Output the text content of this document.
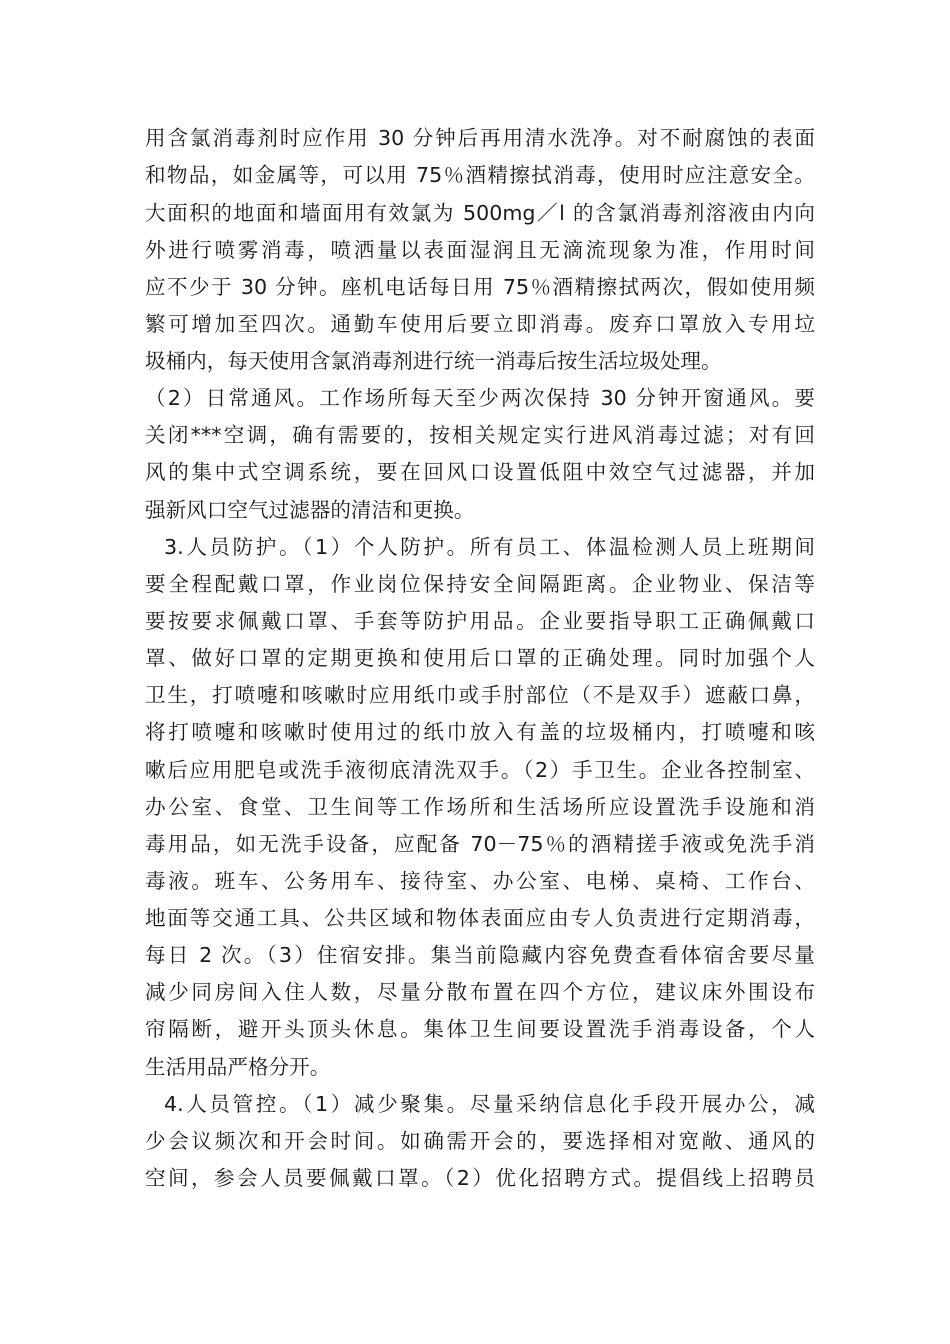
用含氯消毒剂时应作用 30 分钟后再用清水洗净。对不耐腐蚀的表面
和物品，如金属等，可以用 75％酒精擦拭消毒，使用时应注意安全。
大面积的地面和墙面用有效氯为 500mg／l 的含氯消毒剂溶液由内向
外进行喷雾消毒，喷洒量以表面湿润且无滴流现象为准，作用时间
应不少于 30 分钟。座机电话每日用 75％酒精擦拭两次，假如使用频
繁可增加至四次。通勤车使用后要立即消毒。废弃口罩放入专用垃
圾桶内，每天使用含氯消毒剂进行统一消毒后按生活垃圾处理。
（2）日常通风。工作场所每天至少两次保持 30 分钟开窗通风。要
关闭***空调，确有需要的，按相关规定实行进风消毒过滤；对有回
风的集中式空调系统，要在回风口设置低阻中效空气过滤器，并加
强新风口空气过滤器的清洁和更换。
3.人员防护。（1）个人防护。所有员工、体温检测人员上班期间
要全程配戴口罩，作业岗位保持安全间隔距离。企业物业、保洁等
要按要求佩戴口罩、手套等防护用品。企业要指导职工正确佩戴口
罩、做好口罩的定期更换和使用后口罩的正确处理。同时加强个人
卫生，打喷嚏和咳嗽时应用纸巾或手肘部位（不是双手）遮蔽口鼻，
将打喷嚏和咳嗽时使用过的纸巾放入有盖的垃圾桶内，打喷嚏和咳
嗽后应用肥皂或洗手液彻底清洗双手。（2）手卫生。企业各控制室、
办公室、食堂、卫生间等工作场所和生活场所应设置洗手设施和消
毒用品，如无洗手设备，应配备 70－75％的酒精搓手液或免洗手消
毒液。班车、公务用车、接待室、办公室、电梯、桌椅、工作台、
地面等交通工具、公共区域和物体表面应由专人负责进行定期消毒，
每日 2 次。（3）住宿安排。集当前隐藏内容免费查看体宿舍要尽量
减少同房间入住人数，尽量分散布置在四个方位，建议床外围设布
帘隔断，避开头顶头休息。集体卫生间要设置洗手消毒设备，个人
生活用品严格分开。
4.人员管控。（1）减少聚集。尽量采纳信息化手段开展办公，减
少会议频次和开会时间。如确需开会的，要选择相对宽敞、通风的
空间，参会人员要佩戴口罩。（2）优化招聘方式。提倡线上招聘员
